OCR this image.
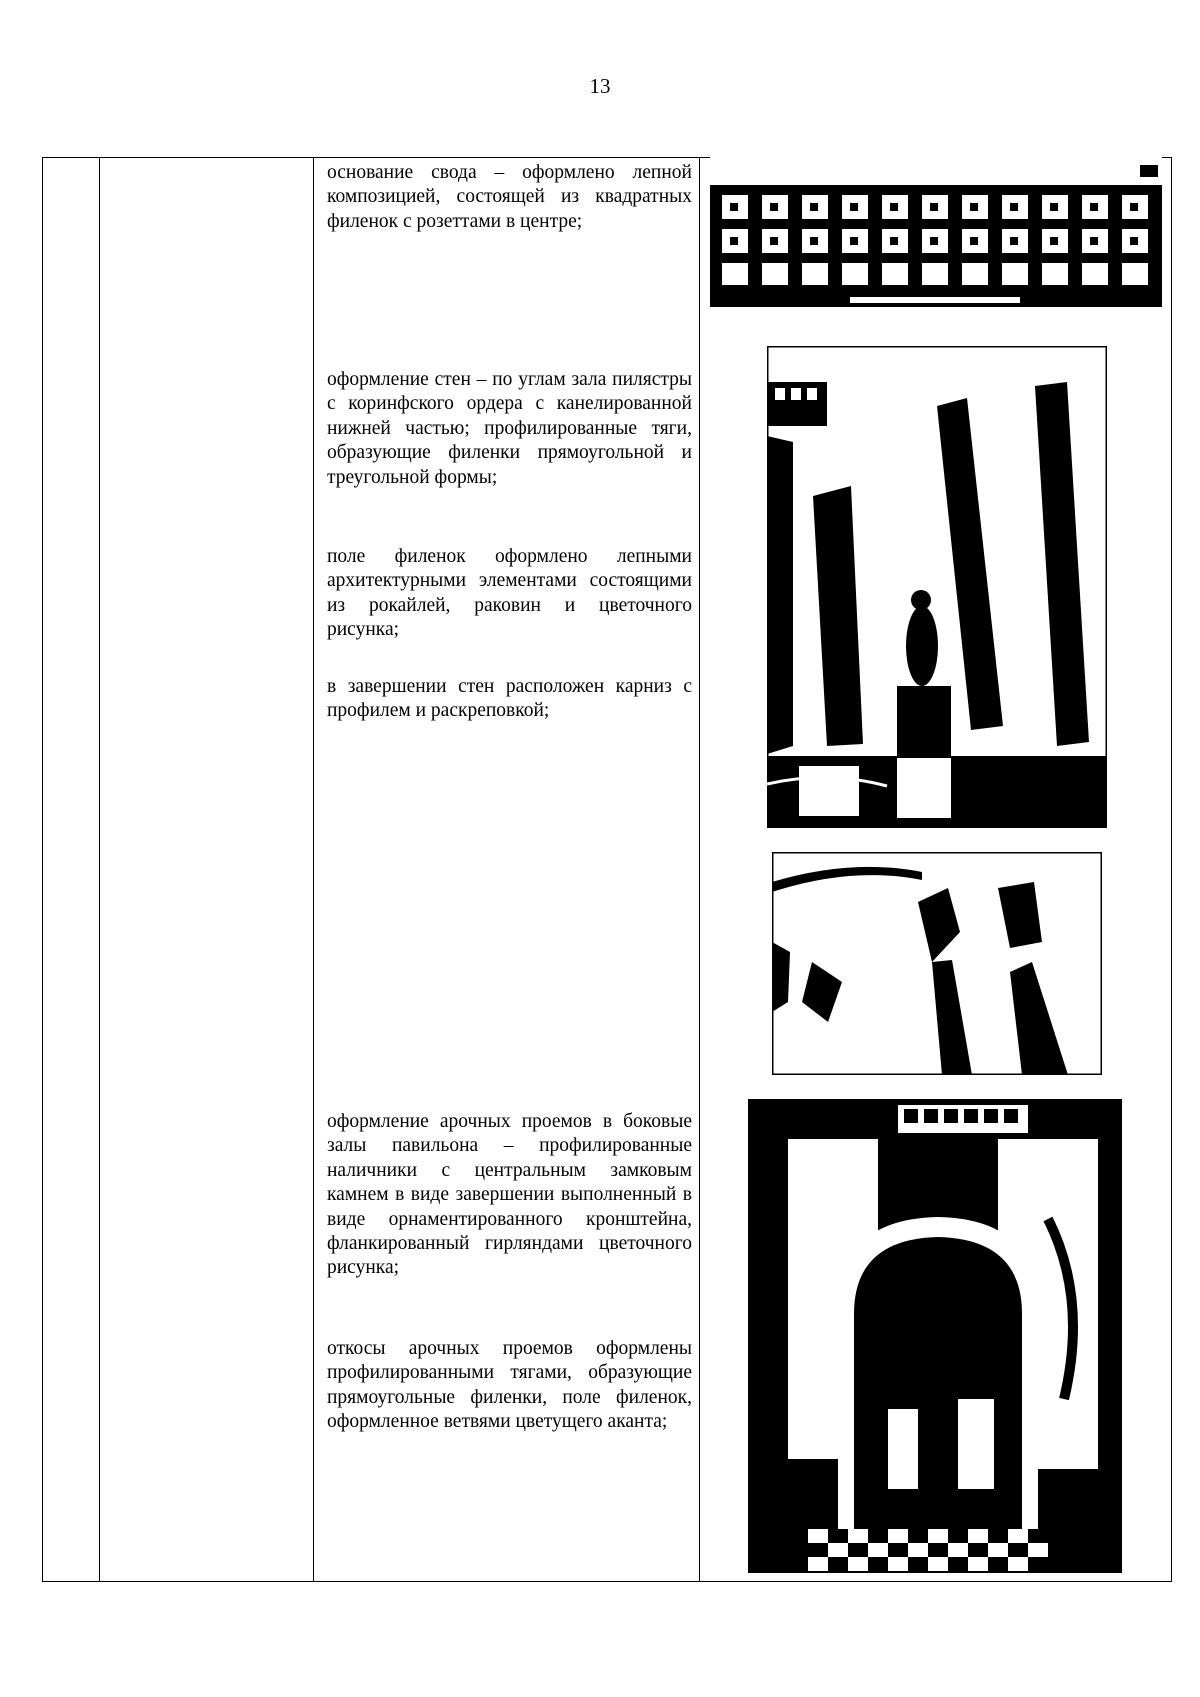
13
основание свода – оформлено лепной композицией, состоящей из квадратных филенок с розеттами в центре;
оформление стен – по углам зала пилястры с коринфского ордера с канелированной нижней частью; профилированные тяги, образующие филенки прямоугольной и треугольной формы;
поле филенок оформлено лепными архитектурными элементами состоящими из рокайлей, раковин и цветочного рисунка;
в завершении стен расположен карниз с профилем и раскреповкой;
оформление арочных проемов в боковые залы павильона – профилированные наличники с центральным замковым камнем в виде завершении выполненный в виде орнаментированного кронштейна, фланкированный гирляндами цветочного рисунка;
откосы арочных проемов оформлены профилированными тягами, образующие прямоугольные филенки, поле филенок, оформленное ветвями цветущего аканта;
